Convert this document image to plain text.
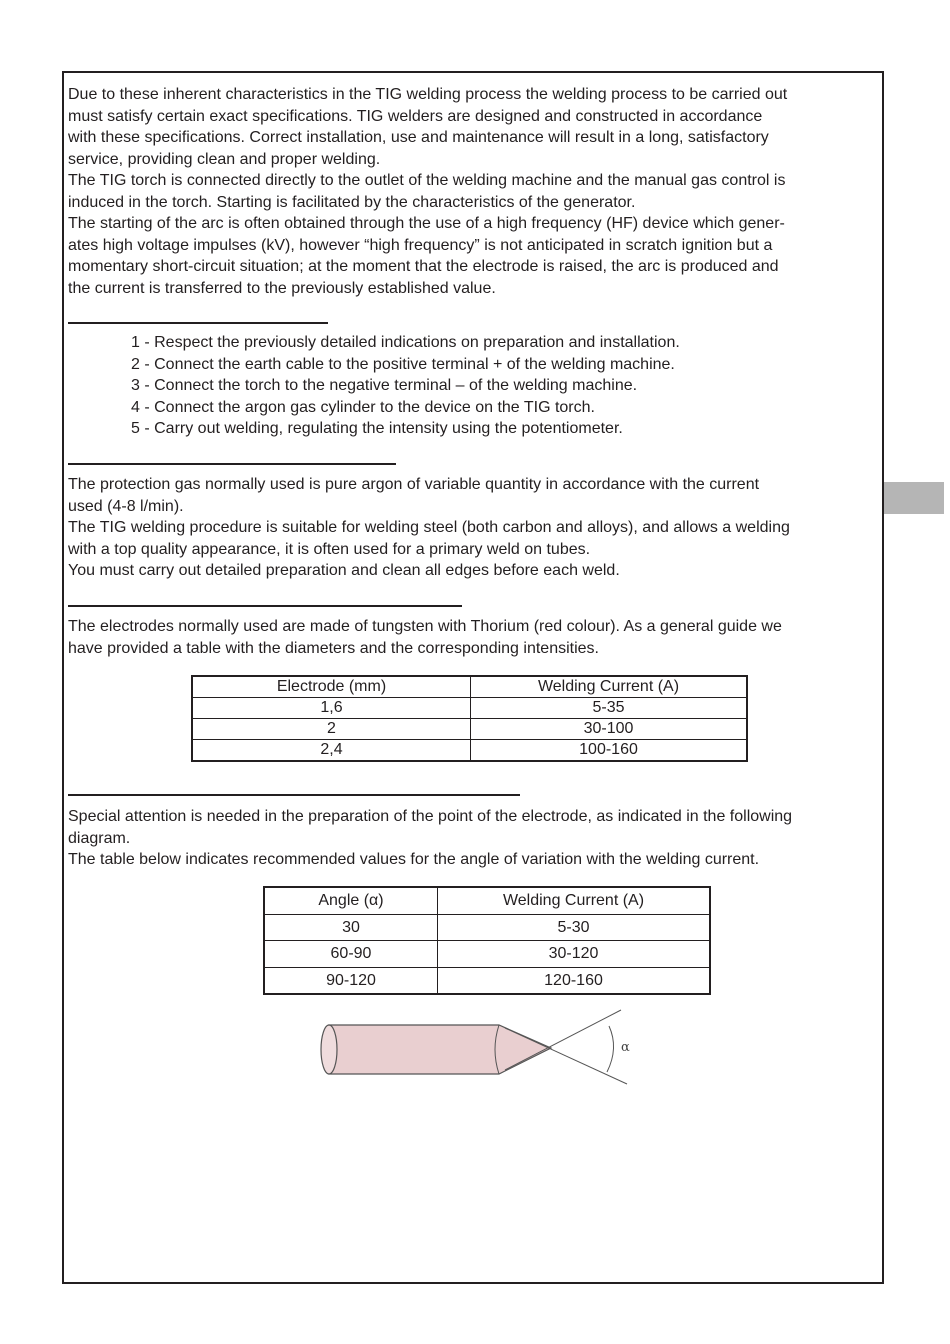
Due to these inherent characteristics in the TIG welding process the welding process to be carried out
must satisfy certain exact specifications. TIG welders are designed and constructed in accordance
with these specifications. Correct installation, use and maintenance will result in a long, satisfactory
service, providing clean and proper welding.
The TIG torch is connected directly to the outlet of the welding machine and the manual gas control is
induced in the torch. Starting is facilitated by the characteristics of the generator.
The starting of the arc is often obtained through the use of a high frequency (HF) device which gener-
ates high voltage impulses (kV), however “high frequency” is not anticipated in scratch ignition but a
momentary short-circuit situation; at the moment that the electrode is raised, the arc is produced and
the current is transferred to the previously established value.

1 - Respect the previously detailed indications on preparation and installation.
2 - Connect the earth cable to the positive terminal + of the welding machine.
3 - Connect the torch to the negative terminal – of the welding machine.
4 - Connect the argon gas cylinder to the device on the TIG torch.
5 - Carry out welding, regulating the intensity using the potentiometer.

The protection gas normally used is pure argon of variable quantity in accordance with the current
used (4-8 l/min).
The TIG welding procedure is suitable for welding steel (both carbon and alloys), and allows a welding
with a top quality appearance, it is often used for a primary weld on tubes.
You must carry out detailed preparation and clean all edges before each weld.

The electrodes normally used are made of tungsten with Thorium (red colour). As a general guide we
have provided a table with the diameters and the corresponding intensities.

Electrode (mm)	Welding Current (A)
1,6	5-35
2	30-100
2,4	100-160

Special attention is needed in the preparation of the point of the electrode, as indicated in the following
diagram.
The table below indicates recommended values for the angle of variation with the welding current.

Angle (α)	Welding Current (A)
30	5-30
60-90	30-120
90-120	120-160
α
